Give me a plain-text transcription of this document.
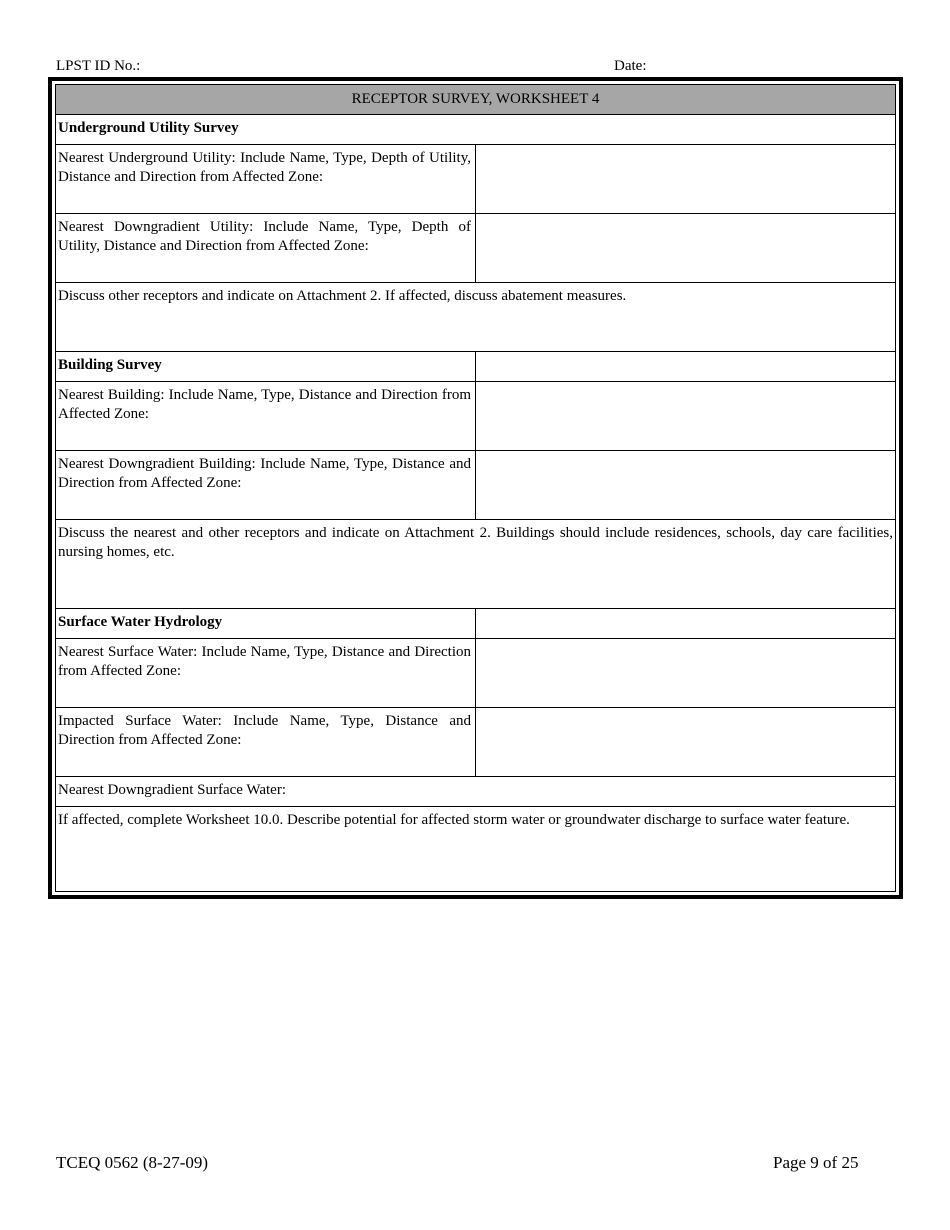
LPST ID No.:	Date:
RECEPTOR SURVEY, WORKSHEET 4
Underground Utility Survey
Nearest Underground Utility: Include Name, Type, Depth of Utility, Distance and Direction from Affected Zone:
Nearest Downgradient Utility: Include Name, Type, Depth of Utility, Distance and Direction from Affected Zone:
Discuss other receptors and indicate on Attachment 2. If affected, discuss abatement measures.
Building Survey
Nearest Building: Include Name, Type, Distance and Direction from Affected Zone:
Nearest Downgradient Building: Include Name, Type, Distance and Direction from Affected Zone:
Discuss the nearest and other receptors and indicate on Attachment 2. Buildings should include residences, schools, day care facilities, nursing homes, etc.
Surface Water Hydrology
Nearest Surface Water: Include Name, Type, Distance and Direction from Affected Zone:
Impacted Surface Water: Include Name, Type, Distance and Direction from Affected Zone:
Nearest Downgradient Surface Water:
If affected, complete Worksheet 10.0. Describe potential for affected storm water or groundwater discharge to surface water feature.
TCEQ 0562 (8-27-09)	Page 9 of 25
